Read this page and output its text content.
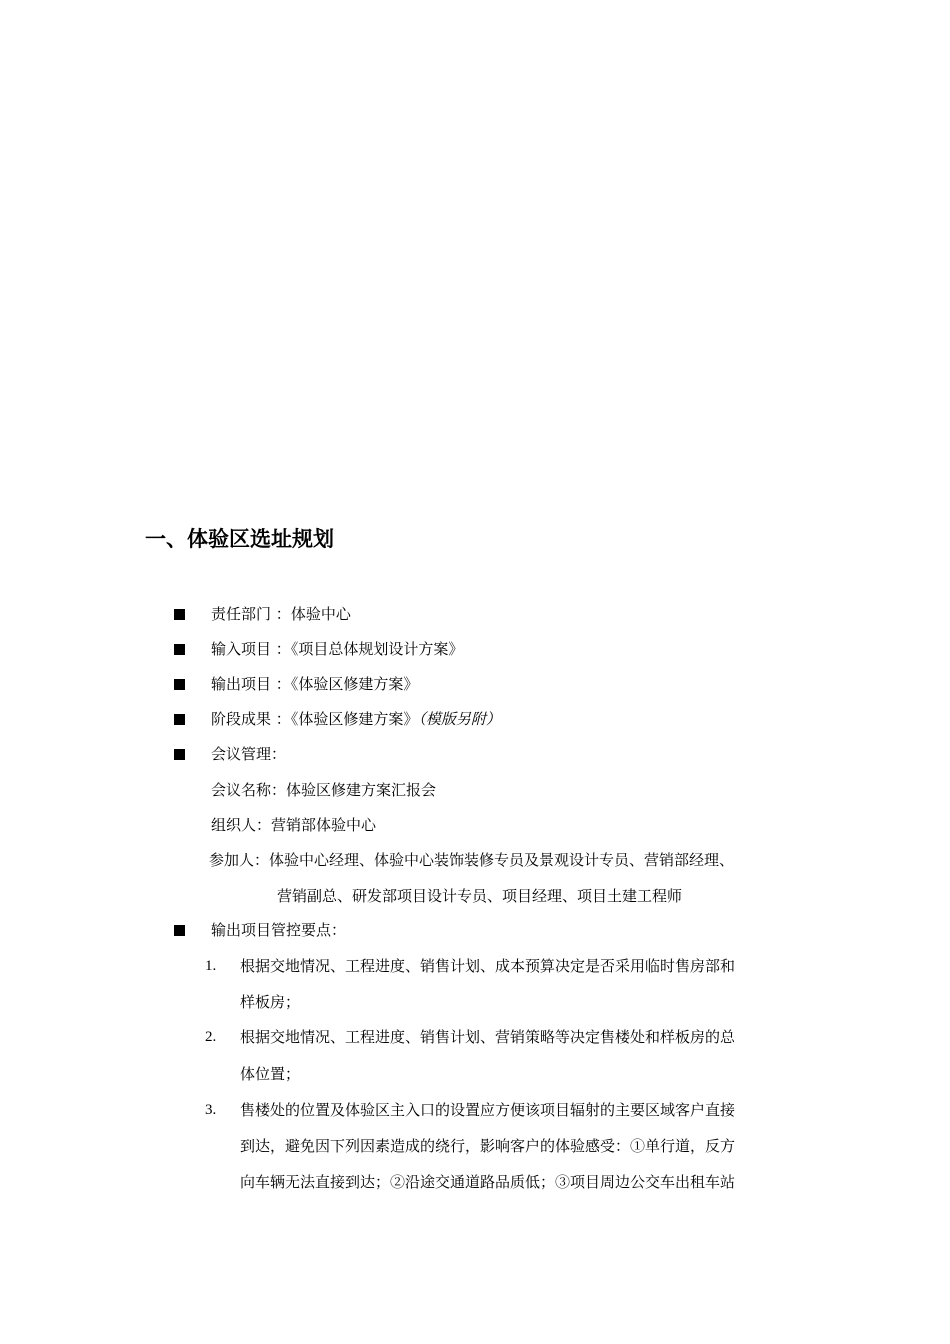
一、体验区选址规划
责任部门 ：体验中心
输入项目 ：《项目总体规划设计方案》
输出项目 ：《体验区修建方案》
阶段成果 ：《体验区修建方案》（模版另附）
会议管理：
会议名称：体验区修建方案汇报会
组织人：营销部体验中心
参加人：体验中心经理、体验中心装饰装修专员及景观设计专员、营销部经理、
营销副总、研发部项目设计专员、项目经理、项目土建工程师
输出项目管控要点：
1. 根据交地情况、工程进度、销售计划、成本预算决定是否采用临时售房部和
样板房；
2. 根据交地情况、工程进度、销售计划、营销策略等决定售楼处和样板房的总
体位置；
3. 售楼处的位置及体验区主入口的设置应方便该项目辐射的主要区域客户直接
到达，避免因下列因素造成的绕行，影响客户的体验感受：①单行道，反方
向车辆无法直接到达；②沿途交通道路品质低；③项目周边公交车出租车站
